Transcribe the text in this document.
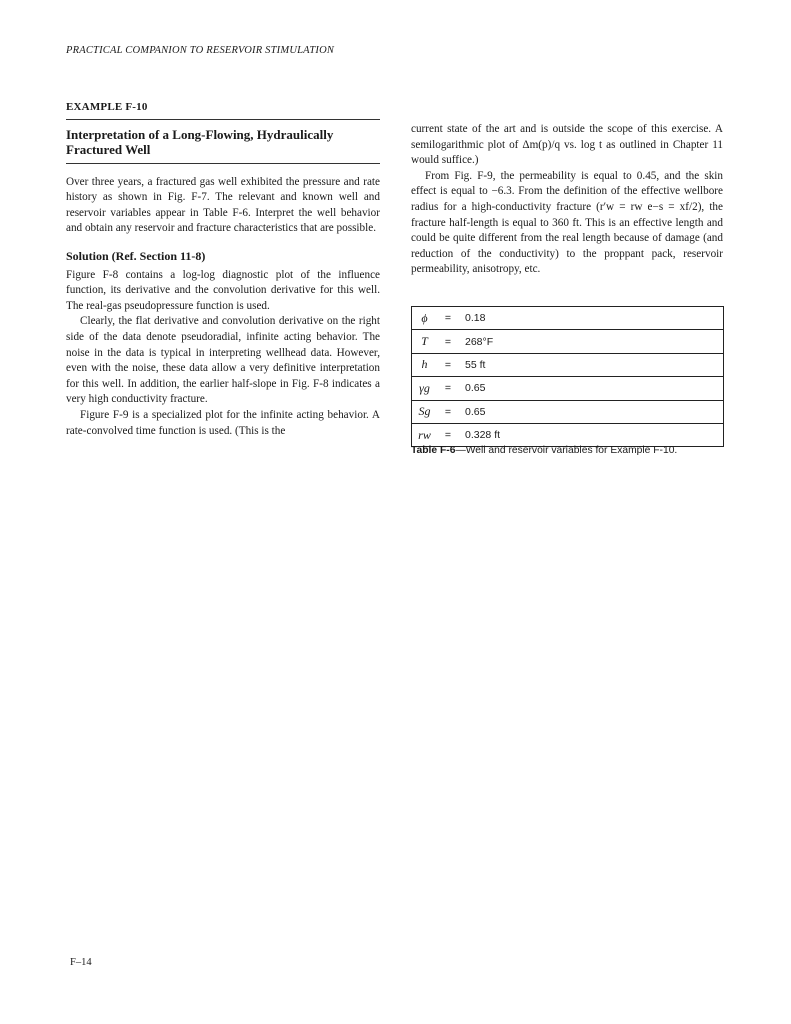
PRACTICAL COMPANION TO RESERVOIR STIMULATION
EXAMPLE F-10
Interpretation of a Long-Flowing, Hydraulically Fractured Well

Over three years, a fractured gas well exhibited the pressure and rate history as shown in Fig. F-7. The relevant and known well and reservoir variables appear in Table F-6. Interpret the well behavior and obtain any reservoir and fracture characteristics that are possible.

Solution (Ref. Section 11-8)

Figure F-8 contains a log-log diagnostic plot of the influence function, its derivative and the convolution derivative for this well. The real-gas pseudopressure function is used.

Clearly, the flat derivative and convolution derivative on the right side of the data denote pseudoradial, infinite acting behavior. The noise in the data is typical in interpreting wellhead data. However, even with the noise, these data allow a very definitive interpretation for this well. In addition, the earlier half-slope in Fig. F-8 indicates a very high conductivity fracture.

Figure F-9 is a specialized plot for the infinite acting behavior. A rate-convolved time function is used. (This is the

current state of the art and is outside the scope of this exercise. A semilogarithmic plot of Δm(p)/q vs. log t as outlined in Chapter 11 would suffice.)

From Fig. F-9, the permeability is equal to 0.45, and the skin effect is equal to −6.3. From the definition of the effective wellbore radius for a high-conductivity fracture (r′w = rw e−s = xf/2), the fracture half-length is equal to 360 ft. This is an effective length and could be quite different from the real length because of damage (and reduction of the conductivity) to the proppant pack, reservoir permeability, anisotropy, etc.

ϕ	=	0.18
T	=	268°F
h	=	55 ft
γg	=	0.65
Sg	=	0.65
rw	=	0.328 ft
Table F-6—Well and reservoir variables for Example F-10.
F–14
